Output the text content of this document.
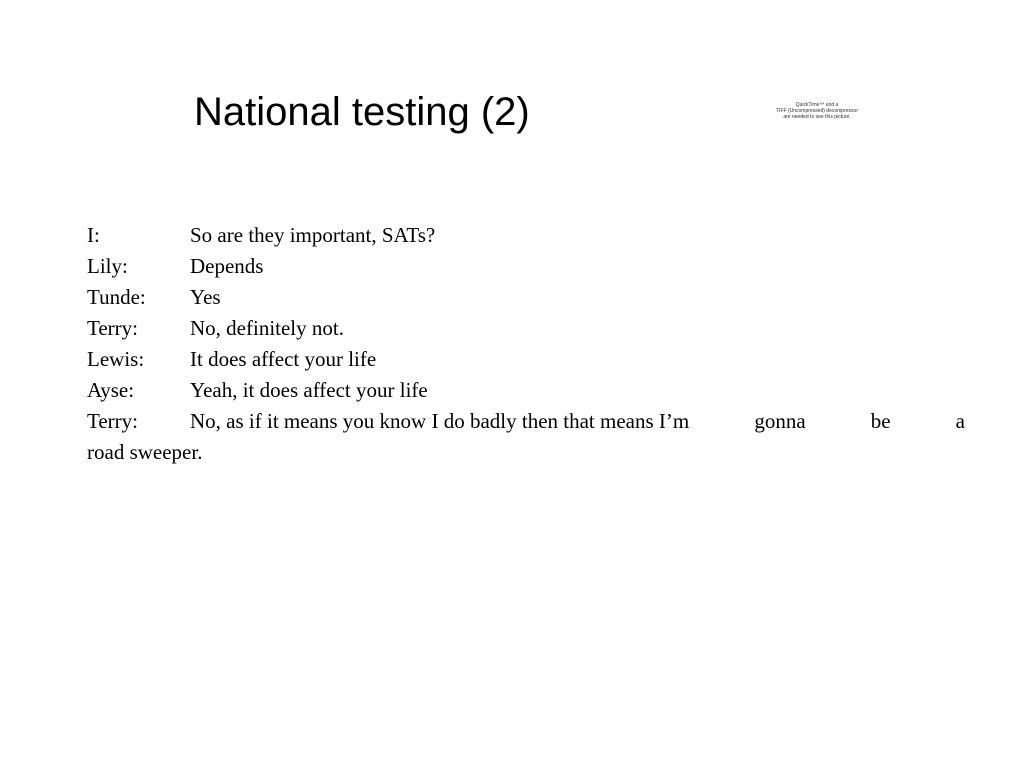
National testing (2)	QuickTime™ and a
TIFF (Uncompressed) decompressor
are needed to see this picture.
I:	So are they important, SATs?
Lily:	Depends
Tunde:	Yes
Terry:	No, definitely not.
Lewis:	It does affect your life
Ayse:	Yeah, it does affect your life
Terry:	No, as if it means you know I do badly then that means I’m	gonna	be	a
road sweeper.
